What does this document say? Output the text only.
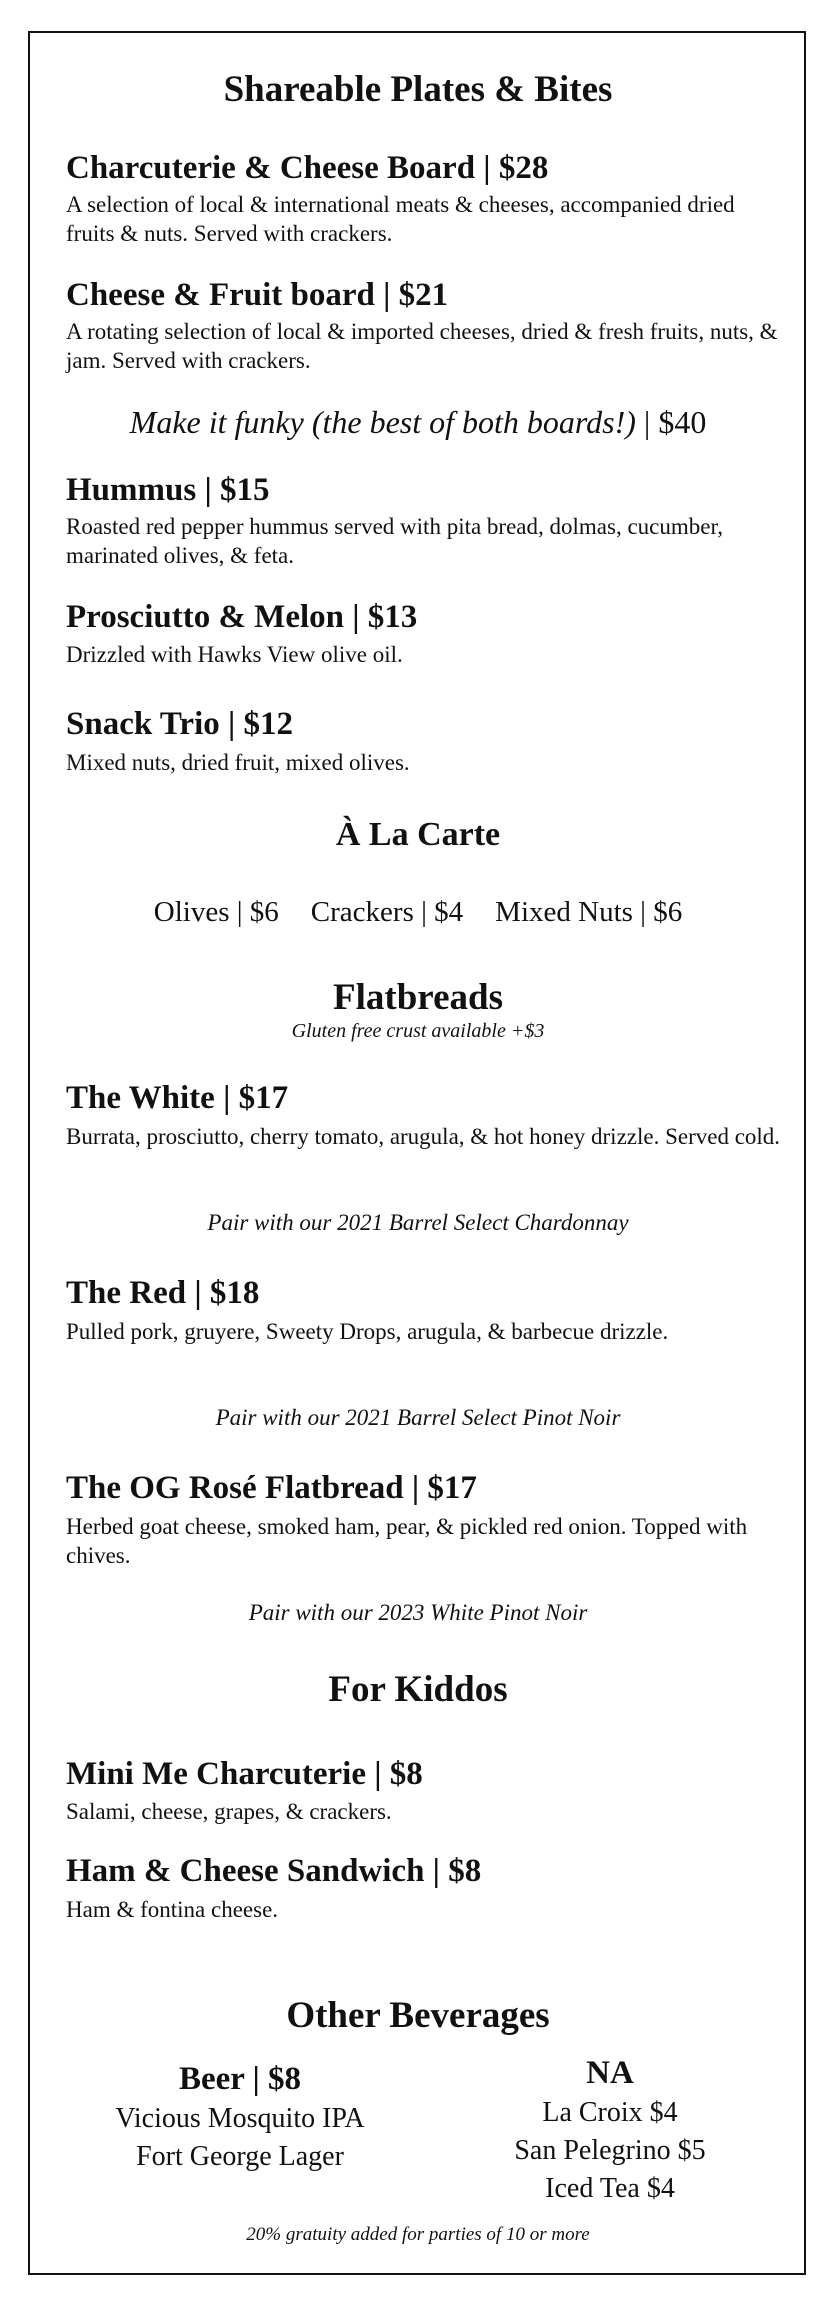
Shareable Plates & Bites
Charcuterie & Cheese Board | $28
A selection of local & international meats & cheeses, accompanied dried fruits & nuts. Served with crackers.
Cheese & Fruit board | $21
A rotating selection of local & imported cheeses, dried & fresh fruits, nuts, & jam. Served with crackers.
Make it funky (the best of both boards!) | $40
Hummus | $15
Roasted red pepper hummus served with pita bread, dolmas, cucumber, marinated olives, & feta.
Prosciutto & Melon | $13
Drizzled with Hawks View olive oil.
Snack Trio | $12
Mixed nuts, dried fruit, mixed olives.
À La Carte
Olives | $6 Crackers | $4 Mixed Nuts | $6
Flatbreads
Gluten free crust available +$3
The White | $17
Burrata, prosciutto, cherry tomato, arugula, & hot honey drizzle. Served cold.
Pair with our 2021 Barrel Select Chardonnay
The Red | $18
Pulled pork, gruyere, Sweety Drops, arugula, & barbecue drizzle.
Pair with our 2021 Barrel Select Pinot Noir
The OG Rosé Flatbread | $17
Herbed goat cheese, smoked ham, pear, & pickled red onion. Topped with chives.
Pair with our 2023 White Pinot Noir
For Kiddos
Mini Me Charcuterie | $8
Salami, cheese, grapes, & crackers.
Ham & Cheese Sandwich | $8
Ham & fontina cheese.
Other Beverages
Beer | $8
Vicious Mosquito IPA
Fort George Lager
NA
La Croix $4
San Pelegrino $5
Iced Tea $4
20% gratuity added for parties of 10 or more
